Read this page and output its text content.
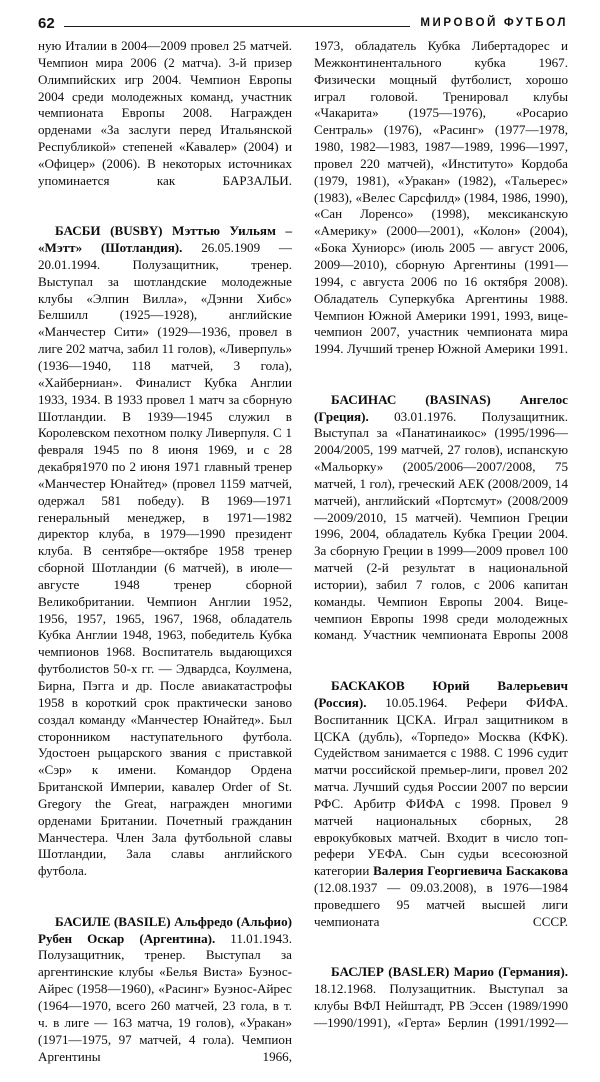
62	МИРОВОЙ ФУТБОЛ

ную Италии в 2004—2009 провел 25 матчей. Чемпион мира 2006 (2 матча). 3-й призер Олимпийских игр 2004. Чемпион Европы 2004 среди молодежных команд, участник чемпионата Европы 2008. Награжден орденами «За заслуги перед Итальянской Республикой» степеней «Кавалер» (2004) и «Офицер» (2006). В некоторых источниках упоминается как БАРЗАЛЬИ.

БАСБИ (BUSBY) Мэттью Уильям – «Мэтт» (Шотландия). 26.05.1909 — 20.01.1994. Полузащитник, тренер. Выступал за шотландские молодежные клубы «Элпин Вилла», «Дэнни Хибс» Белшилл (1925—1928), английские «Манчестер Сити» (1929—1936, провел в лиге 202 матча, забил 11 голов), «Ливерпуль» (1936—1940, 118 матчей, 3 гола), «Хайберниан». Финалист Кубка Англии 1933, 1934. В 1933 провел 1 матч за сборную Шотландии. В 1939—1945 служил в Королевском пехотном полку Ливерпуля. С 1 февраля 1945 по 8 июня 1969, и с 28 декабря1970 по 2 июня 1971 главный тренер «Манчестер Юнайтед» (провел 1159 матчей, одержал 581 победу). В 1969—1971 генеральный менеджер, в 1971—1982 директор клуба, в 1979—1990 президент клуба. В сентябре—октябре 1958 тренер сборной Шотландии (6 матчей), в июле—августе 1948 тренер сборной Великобритании. Чемпион Англии 1952, 1956, 1957, 1965, 1967, 1968, обладатель Кубка Англии 1948, 1963, победитель Кубка чемпионов 1968. Воспитатель выдающихся футболистов 50-х гг. — Эдвардса, Коулмена, Бирна, Пэгга и др. После авиакатастрофы 1958 в короткий срок практически заново создал команду «Манчестер Юнайтед». Был сторонником наступательного футбола. Удостоен рыцарского звания с приставкой «Сэр» к имени. Командор Ордена Британской Империи, кавалер Order of St. Gregory the Great, награжден многими орденами Британии. Почетный гражданин Манчестера. Член Зала футбольной славы Шотландии, Зала славы английского футбола.

БАСИЛЕ (BASILE) Альфредо (Альфио) Рубен Оскар (Аргентина). 11.01.1943. Полузащитник, тренер. Выступал за аргентинские клубы «Белья Виста» Буэнос-Айрес (1958—1960), «Расинг» Буэнос-Айрес (1964—1970, всего 260 матчей, 23 гола, в т. ч. в лиге — 163 матча, 19 голов), «Уракан» (1971—1975, 97 матчей, 4 гола). Чемпион Аргентины 1966,

1973, обладатель Кубка Либертадорес и Межконтинентального кубка 1967. Физически мощный футболист, хорошо играл головой. Тренировал клубы «Чакарита» (1975—1976), «Росарио Сентраль» (1976), «Расинг» (1977—1978, 1980, 1982—1983, 1987—1989, 1996—1997, провел 220 матчей), «Институто» Кордоба (1979, 1981), «Уракан» (1982), «Тальерес» (1983), «Велес Сарсфилд» (1984, 1986, 1990), «Сан Лоренсо» (1998), мексиканскую «Америку» (2000—2001), «Колон» (2004), «Бока Хуниорс» (июль 2005 — август 2006, 2009—2010), сборную Аргентины (1991—1994, с августа 2006 по 16 октября 2008). Обладатель Суперкубка Аргентины 1988. Чемпион Южной Америки 1991, 1993, вице-чемпион 2007, участник чемпионата мира 1994. Лучший тренер Южной Америки 1991.

БАСИНАС (BASINAS) Ангелос (Греция). 03.01.1976. Полузащитник. Выступал за «Панатинаикос» (1995/1996—2004/2005, 199 матчей, 27 голов), испанскую «Мальорку» (2005/2006—2007/2008, 75 матчей, 1 гол), греческий АЕК (2008/2009, 14 матчей), английский «Портсмут» (2008/2009—2009/2010, 15 матчей). Чемпион Греции 1996, 2004, обладатель Кубка Греции 2004. За сборную Греции в 1999—2009 провел 100 матчей (2-й результат в национальной истории), забил 7 голов, с 2006 капитан команды. Чемпион Европы 2004. Вице-чемпион Европы 1998 среди молодежных команд. Участник чемпионата Европы 2008

БАСКАКОВ Юрий Валерьевич (Россия). 10.05.1964. Рефери ФИФА. Воспитанник ЦСКА. Играл защитником в ЦСКА (дубль), «Торпедо» Москва (КФК). Судейством занимается с 1988. С 1996 судит матчи российской премьер-лиги, провел 202 матча. Лучший судья России 2007 по версии РФС. Арбитр ФИФА с 1998. Провел 9 матчей национальных сборных, 28 еврокубковых матчей. Входит в число топ-рефери УЕФА. Сын судьи всесоюзной категории Валерия Георгиевича Баскакова (12.08.1937 — 09.03.2008), в 1976—1984 проведшего 95 матчей высшей лиги чемпионата СССР.

БАСЛЕР (BASLER) Марио (Германия). 18.12.1968. Полузащитник. Выступал за клубы ВФЛ Нейштадт, РВ Эссен (1989/1990—1990/1991), «Герта» Берлин (1991/1992—
